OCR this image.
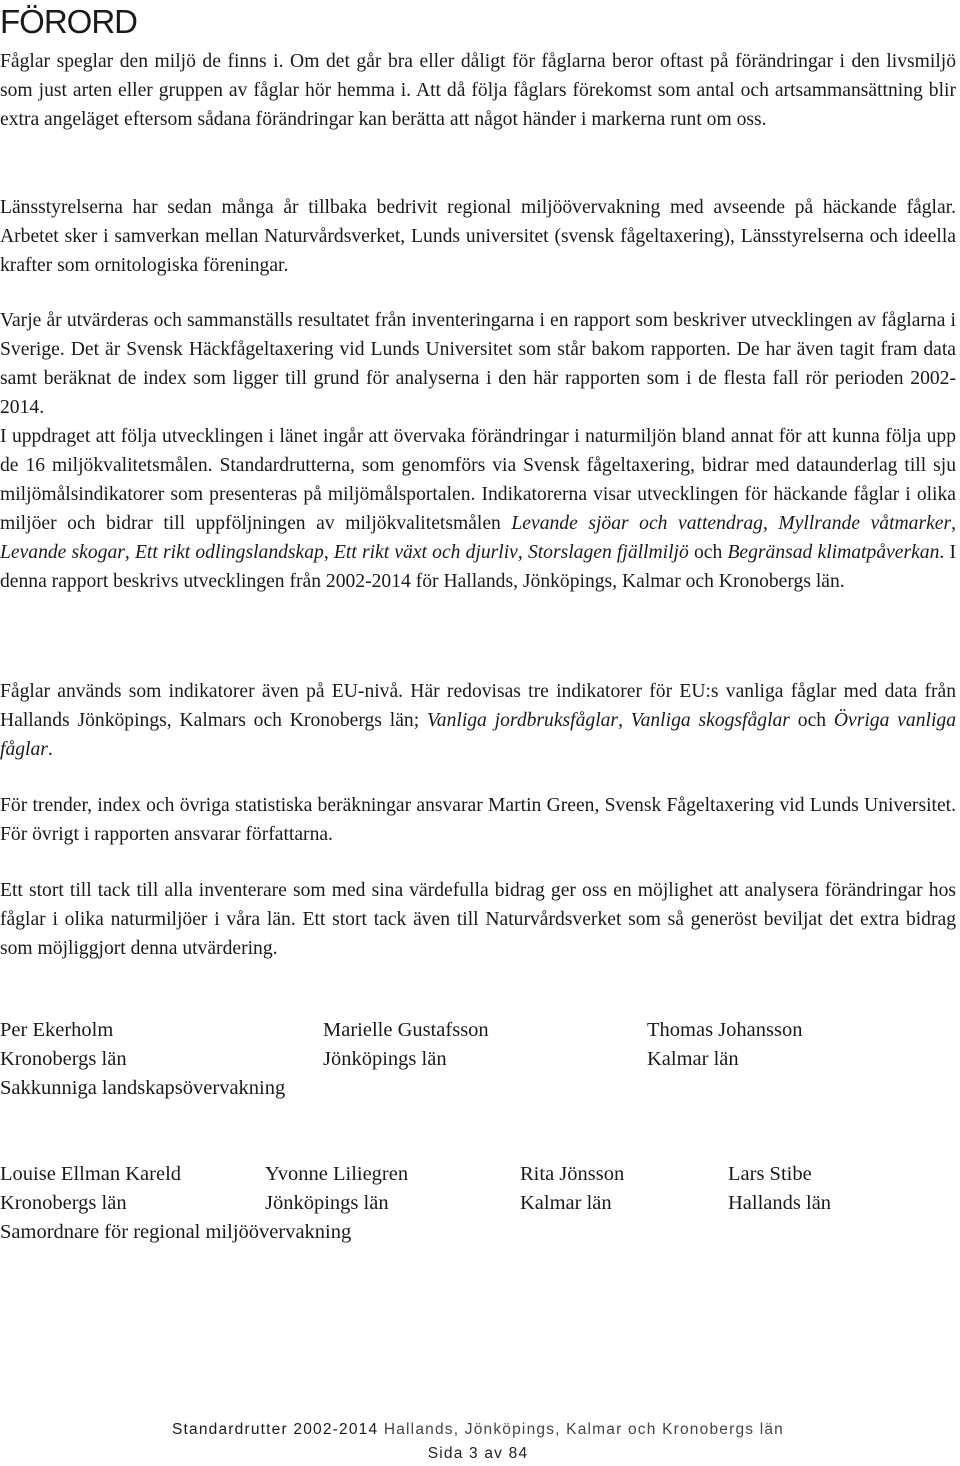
FÖRORD

Fåglar speglar den miljö de finns i. Om det går bra eller dåligt för fåglarna beror oftast på förändringar i den livsmiljö som just arten eller gruppen av fåglar hör hemma i. Att då följa fåglars förekomst som antal och artsammansättning blir extra angeläget eftersom sådana förändringar kan berätta att något händer i markerna runt om oss.

Länsstyrelserna har sedan många år tillbaka bedrivit regional miljöövervakning med avseende på häckande fåglar. Arbetet sker i samverkan mellan Naturvårdsverket, Lunds universitet (svensk fågeltaxering), Länsstyrelserna och ideella krafter som ornitologiska föreningar.

Varje år utvärderas och sammanställs resultatet från inventeringarna i en rapport som beskriver utvecklingen av fåglarna i Sverige. Det är Svensk Häckfågeltaxering vid Lunds Universitet som står bakom rapporten. De har även tagit fram data samt beräknat de index som ligger till grund för analyserna i den här rapporten som i de flesta fall rör perioden 2002-2014.
I uppdraget att följa utvecklingen i länet ingår att övervaka förändringar i naturmiljön bland annat för att kunna följa upp de 16 miljökvalitetsmålen. Standardrutterna, som genomförs via Svensk fågeltaxering, bidrar med dataunderlag till sju miljömålsindikatorer som presenteras på miljömålsportalen. Indikatorerna visar utvecklingen för häckande fåglar i olika miljöer och bidrar till uppföljningen av miljökvalitetsmålen Levande sjöar och vattendrag, Myllrande våtmarker, Levande skogar, Ett rikt odlingslandskap, Ett rikt växt och djurliv, Storslagen fjällmiljö och Begränsad klimatpåverkan. I denna rapport beskrivs utvecklingen från 2002-2014 för Hallands, Jönköpings, Kalmar och Kronobergs län.

Fåglar används som indikatorer även på EU-nivå. Här redovisas tre indikatorer för EU:s vanliga fåglar med data från Hallands Jönköpings, Kalmars och Kronobergs län; Vanliga jordbruksfåglar, Vanliga skogsfåglar och Övriga vanliga fåglar.

För trender, index och övriga statistiska beräkningar ansvarar Martin Green, Svensk Fågeltaxering vid Lunds Universitet. För övrigt i rapporten ansvarar författarna.

Ett stort till tack till alla inventerare som med sina värdefulla bidrag ger oss en möjlighet att analysera förändringar hos fåglar i olika naturmiljöer i våra län. Ett stort tack även till Naturvårdsverket som så generöst beviljat det extra bidrag som möjliggjort denna utvärdering.

Per Ekerholm	Marielle Gustafsson	Thomas Johansson
Kronobergs län	Jönköpings län	Kalmar län
Sakkunniga landskapsövervakning
Louise Ellman Kareld	Yvonne Liliegren	Rita Jönsson	Lars Stibe
Kronobergs län	Jönköpings län	Kalmar län	Hallands län
Samordnare för regional miljöövervakning
Standardrutter 2002-2014 Hallands, Jönköpings, Kalmar och Kronobergs län
Sida 3 av 84
